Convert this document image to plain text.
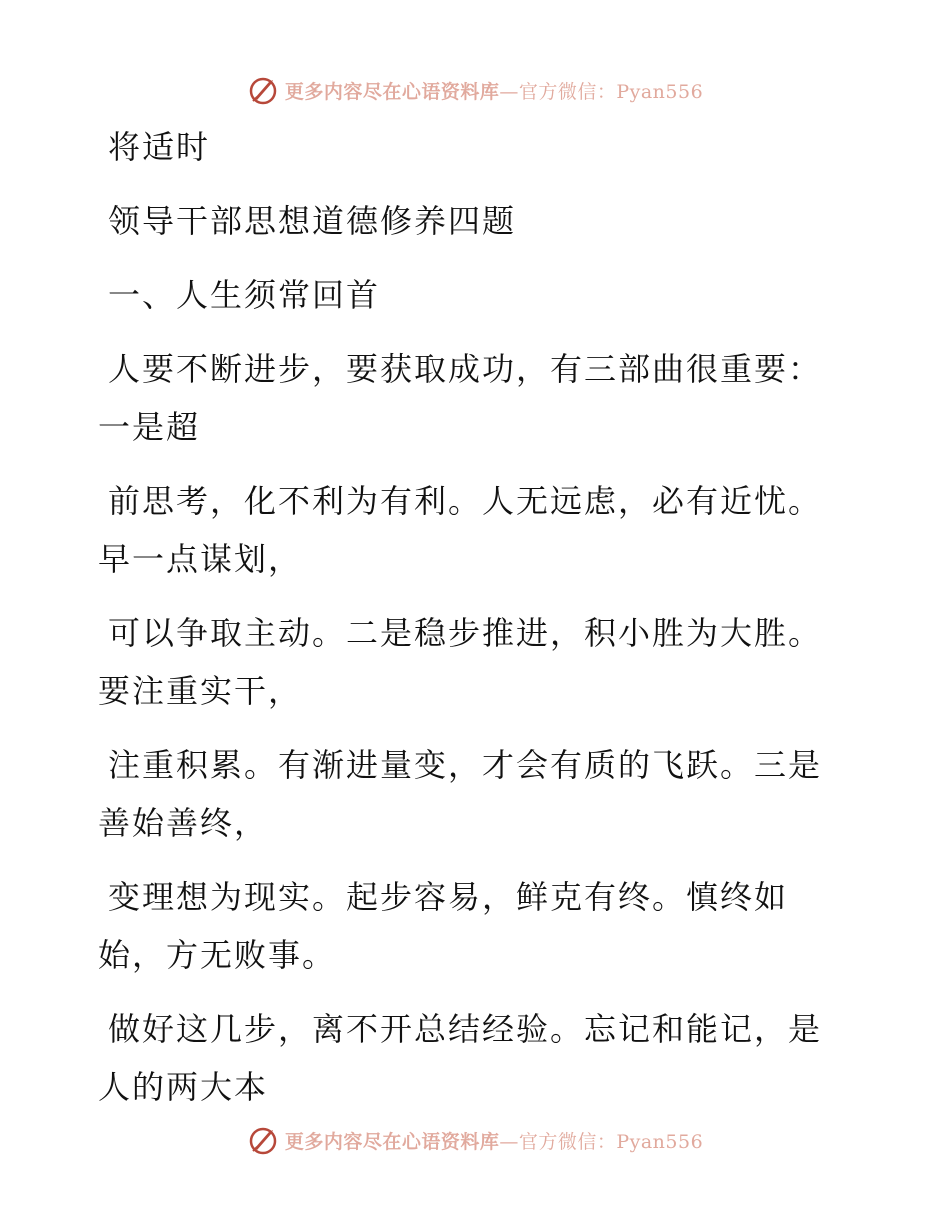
更多内容尽在心语资料库—官方微信：Pyan556

将适时

领导干部思想道德修养四题

一、人生须常回首

人要不断进步，要获取成功，有三部曲很重要：一是超

前思考，化不利为有利。人无远虑，必有近忧。早一点谋划，

可以争取主动。二是稳步推进，积小胜为大胜。要注重实干，

注重积累。有渐进量变，才会有质的飞跃。三是善始善终，

变理想为现实。起步容易，鲜克有终。慎终如始，方无败事。

做好这几步，离不开总结经验。忘记和能记，是人的两大本

更多内容尽在心语资料库—官方微信：Pyan556
